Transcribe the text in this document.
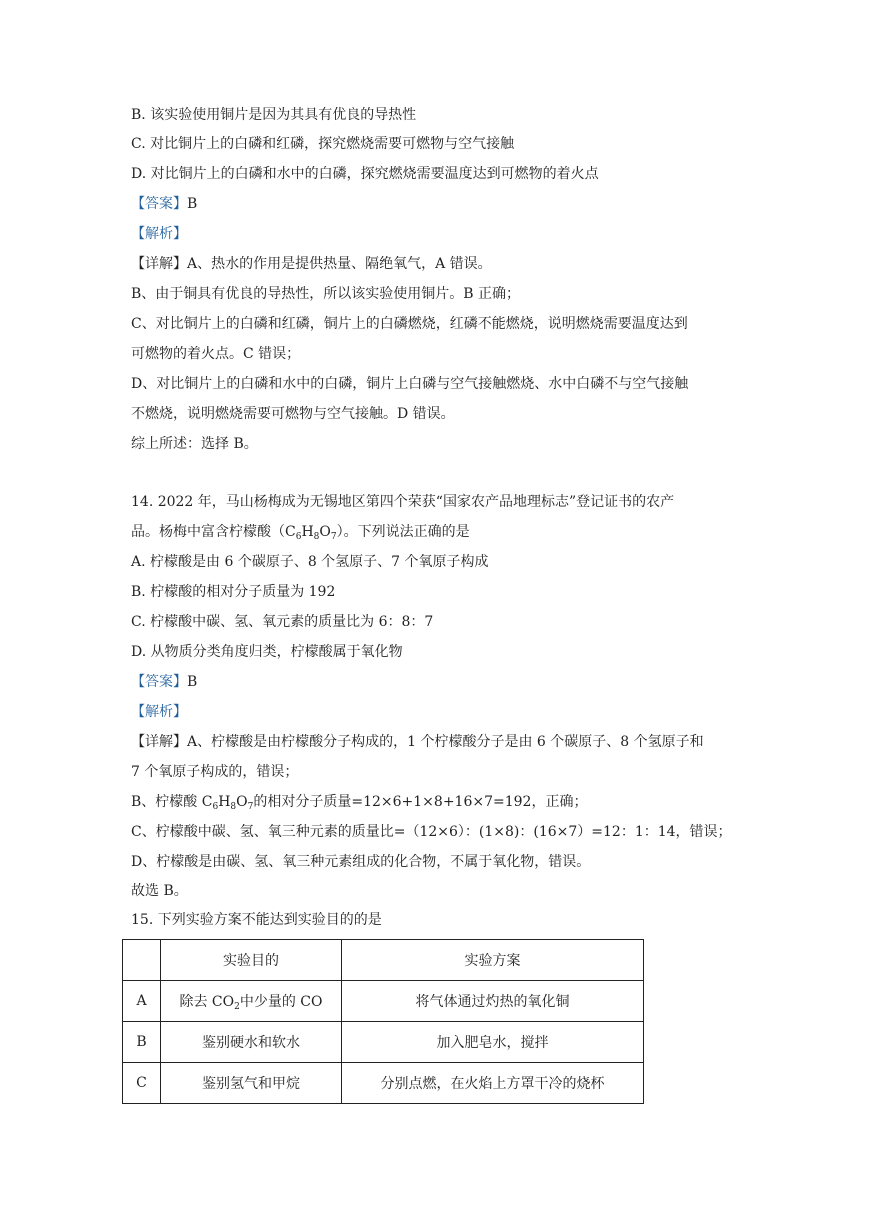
B. 该实验使用铜片是因为其具有优良的导热性
C. 对比铜片上的白磷和红磷，探究燃烧需要可燃物与空气接触
D. 对比铜片上的白磷和水中的白磷，探究燃烧需要温度达到可燃物的着火点
【答案】B
【解析】
【详解】A、热水的作用是提供热量、隔绝氧气，A 错误。
B、由于铜具有优良的导热性，所以该实验使用铜片。B 正确；
C、对比铜片上的白磷和红磷，铜片上的白磷燃烧，红磷不能燃烧，说明燃烧需要温度达到
可燃物的着火点。C 错误；
D、对比铜片上的白磷和水中的白磷，铜片上白磷与空气接触燃烧、水中白磷不与空气接触
不燃烧，说明燃烧需要可燃物与空气接触。D 错误。
综上所述：选择 B。
14. 2022 年，马山杨梅成为无锡地区第四个荣获“国家农产品地理标志”登记证书的农产
品。杨梅中富含柠檬酸$(C_6H_8O_7)$。下列说法正确的是
A. 柠檬酸是由 6 个碳原子、8 个氢原子、7 个氧原子构成
B. 柠檬酸的相对分子质量为 192
C. 柠檬酸中碳、氢、氧元素的质量比为 6：8：7
D. 从物质分类角度归类，柠檬酸属于氧化物
【答案】B
【解析】
【详解】A、柠檬酸是由柠檬酸分子构成的，1 个柠檬酸分子是由 6 个碳原子、8 个氢原子和
7 个氧原子构成的，错误；
B、柠檬酸 $C_6H_8O_7$的相对分子质量=12×6+1×8+16×7=192，正确；
C、柠檬酸中碳、氢、氧三种元素的质量比=（12×6）：(1×8)：(16×7）=12：1：14，错误；
D、柠檬酸是由碳、氢、氧三种元素组成的化合物，不属于氧化物，错误。
故选 B。
15. 下列实验方案不能达到实验目的的是
	实验目的	实验方案
A	除去 $CO_2$中少量的 CO	将气体通过灼热的氧化铜
B	鉴别硬水和软水	加入肥皂水，搅拌
C	鉴别氢气和甲烷	分别点燃，在火焰上方罩干冷的烧杯
